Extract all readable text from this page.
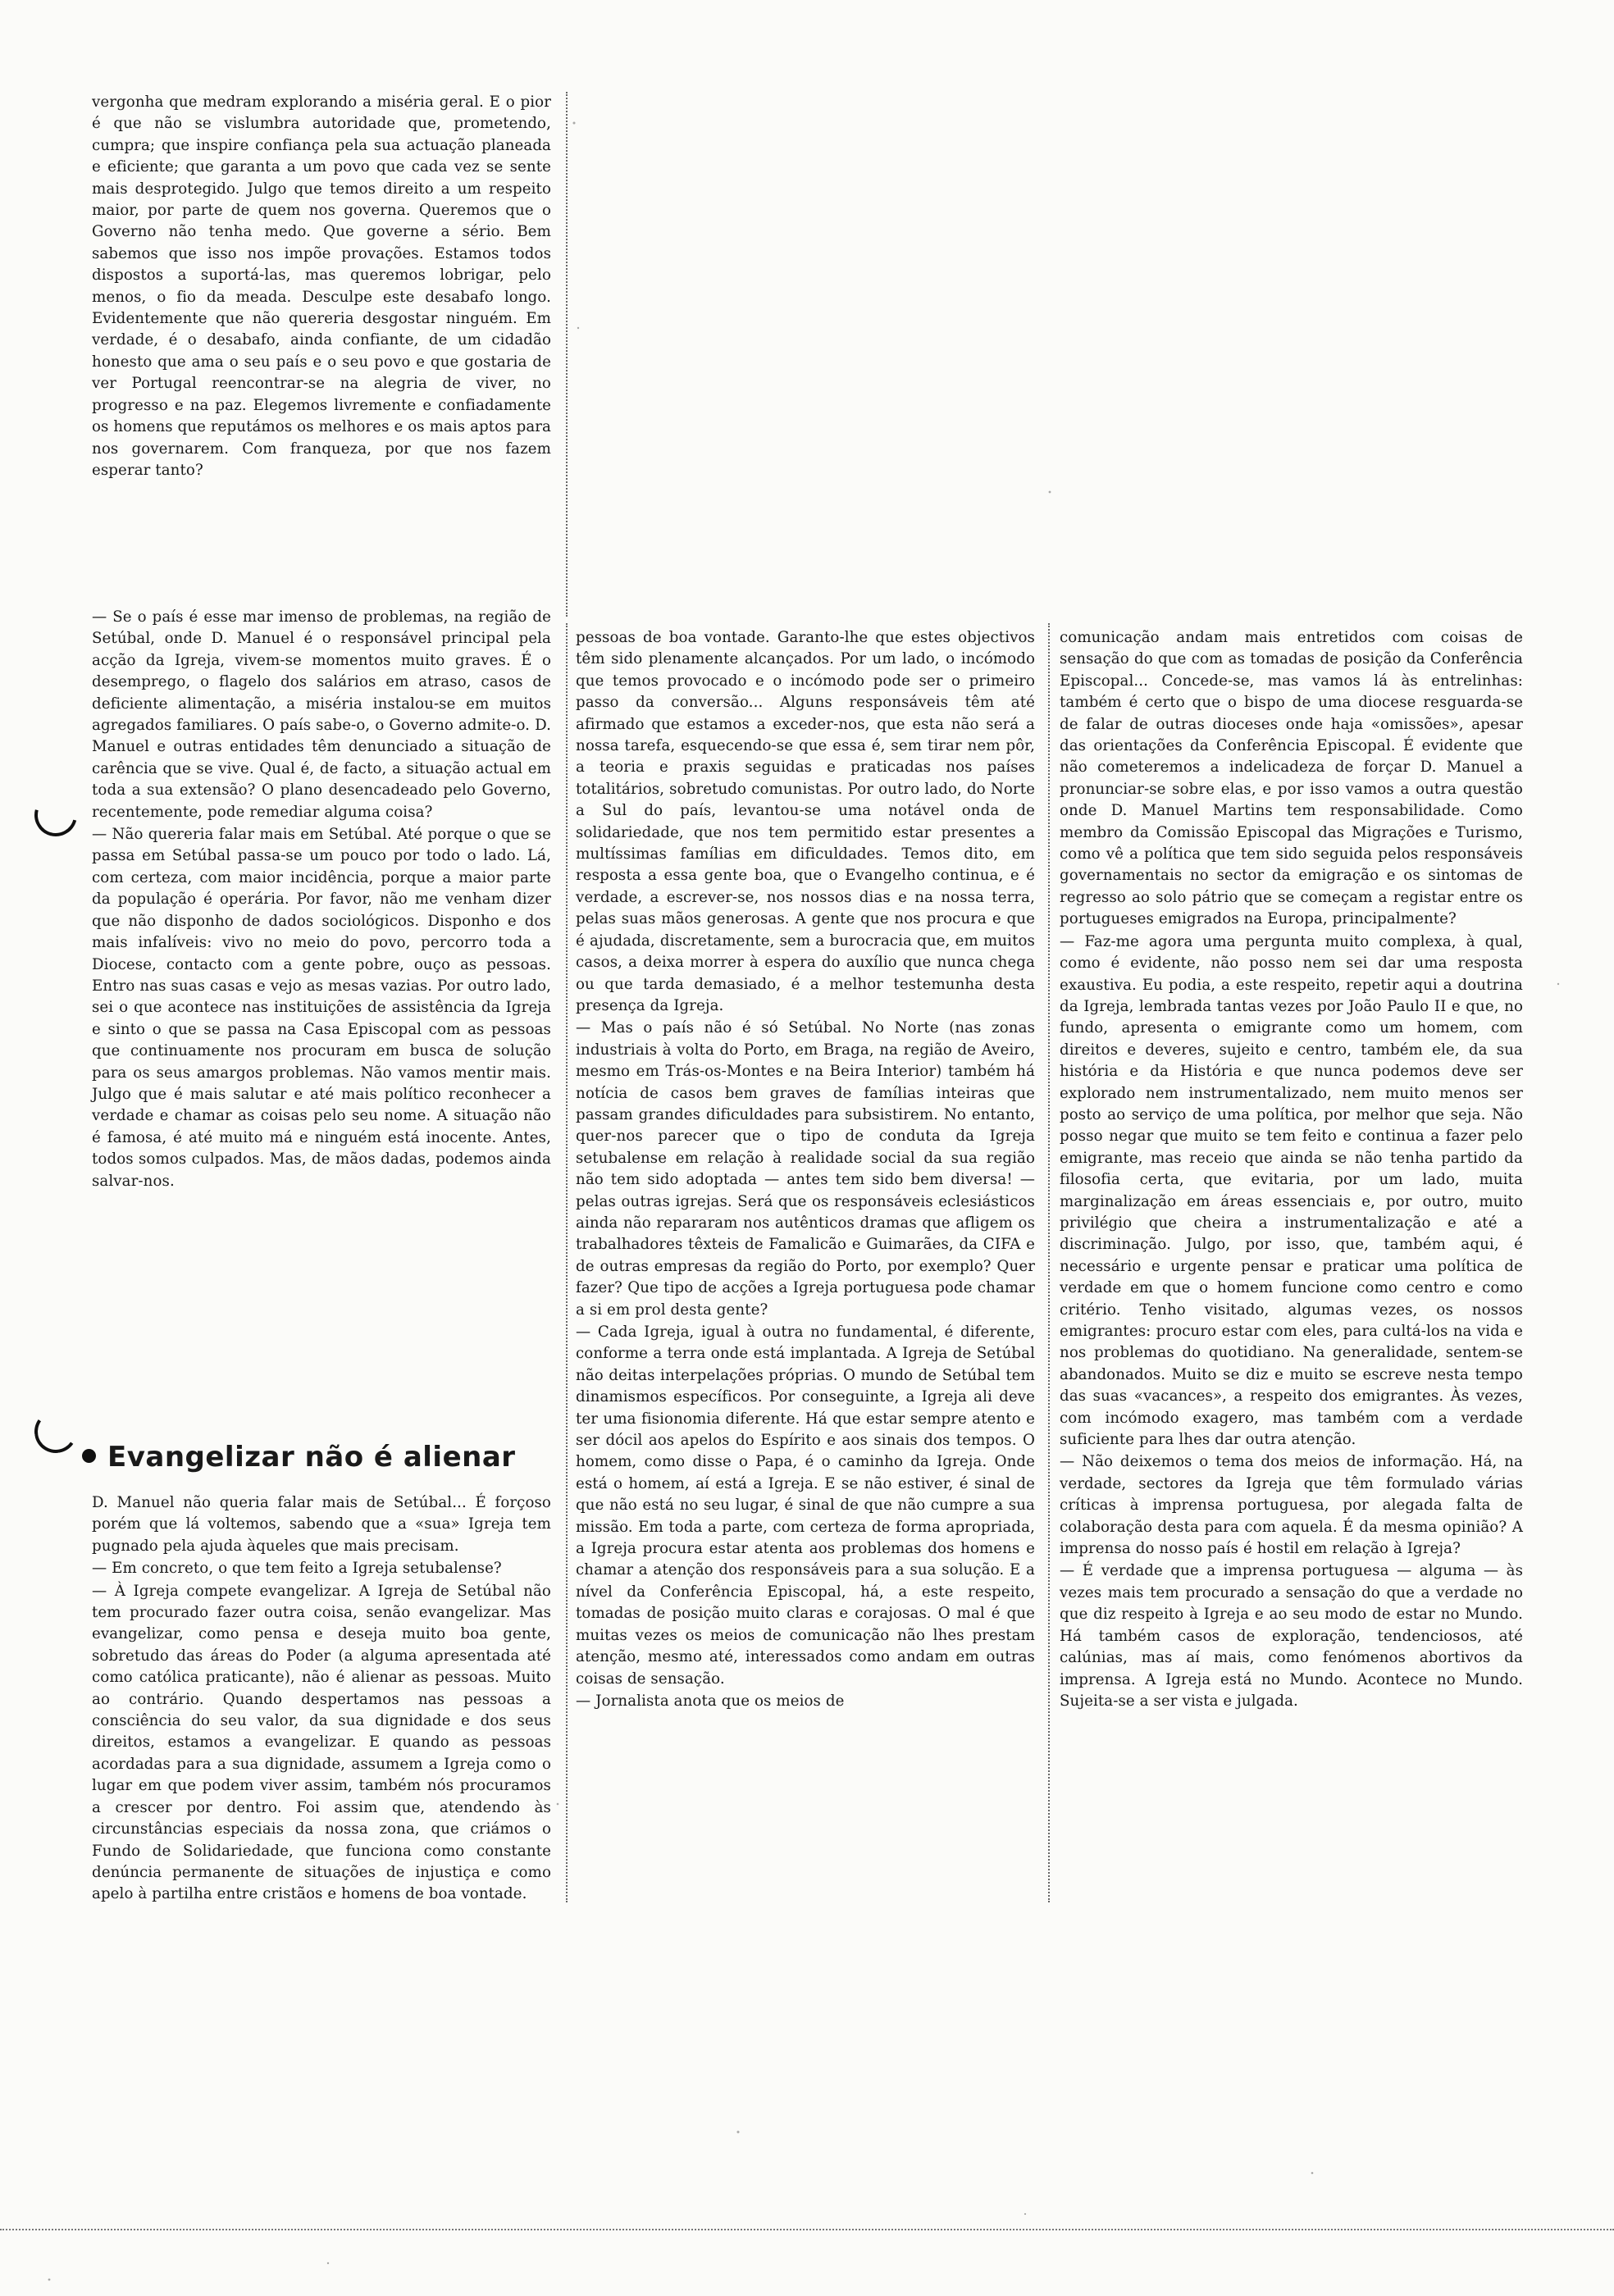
vergonha que medram explorando a miséria geral. E o pior é que não se vislumbra autoridade que, prometendo, cumpra; que inspire confiança pela sua actuação planeada e eficiente; que garanta a um povo que cada vez se sente mais desprotegido. Julgo que temos direito a um respeito maior, por parte de quem nos governa. Queremos que o Governo não tenha medo. Que governe a sério. Bem sabemos que isso nos impõe provações. Estamos todos dispostos a suportá-las, mas queremos lobrigar, pelo menos, o fio da meada. Desculpe este desabafo longo. Evidentemente que não quereria desgostar ninguém. Em verdade, é o desabafo, ainda confiante, de um cidadão honesto que ama o seu país e o seu povo e que gostaria de ver Portugal reencontrar-se na alegria de viver, no progresso e na paz. Elegemos livremente e confiadamente os homens que reputámos os melhores e os mais aptos para nos governarem. Com franqueza, por que nos fazem esperar tanto?

— Se o país é esse mar imenso de problemas, na região de Setúbal, onde D. Manuel é o responsável principal pela acção da Igreja, vivem-se momentos muito graves. É o desemprego, o flagelo dos salários em atraso, casos de deficiente alimentação, a miséria instalou-se em muitos agregados familiares. O país sabe-o, o Governo admite-o. D. Manuel e outras entidades têm denunciado a situação de carência que se vive. Qual é, de facto, a situação actual em toda a sua extensão? O plano desencadeado pelo Governo, recentemente, pode remediar alguma coisa?

— Não quereria falar mais em Setúbal. Até porque o que se passa em Setúbal passa-se um pouco por todo o lado. Lá, com certeza, com maior incidência, porque a maior parte da população é operária. Por favor, não me venham dizer que não disponho de dados sociológicos. Disponho e dos mais infalíveis: vivo no meio do povo, percorro toda a Diocese, contacto com a gente pobre, ouço as pessoas. Entro nas suas casas e vejo as mesas vazias. Por outro lado, sei o que acontece nas instituições de assistência da Igreja e sinto o que se passa na Casa Episcopal com as pessoas que continuamente nos procuram em busca de solução para os seus amargos problemas. Não vamos mentir mais. Julgo que é mais salutar e até mais político reconhecer a verdade e chamar as coisas pelo seu nome. A situação não é famosa, é até muito má e ninguém está inocente. Antes, todos somos culpados. Mas, de mãos dadas, podemos ainda salvar-nos.

Evangelizar não é alienar

D. Manuel não queria falar mais de Setúbal... É forçoso porém que lá voltemos, sabendo que a «sua» Igreja tem pugnado pela ajuda àqueles que mais precisam.

— Em concreto, o que tem feito a Igreja setubalense?

— À Igreja compete evangelizar. A Igreja de Setúbal não tem procurado fazer outra coisa, senão evangelizar. Mas evangelizar, como pensa e deseja muito boa gente, sobretudo das áreas do Poder (a alguma apresentada até como católica praticante), não é alienar as pessoas. Muito ao contrário. Quando despertamos nas pessoas a consciência do seu valor, da sua dignidade e dos seus direitos, estamos a evangelizar. E quando as pessoas acordadas para a sua dignidade, assumem a Igreja como o lugar em que podem viver assim, também nós procuramos a crescer por dentro. Foi assim que, atendendo às circunstâncias especiais da nossa zona, que criámos o Fundo de Solidariedade, que funciona como constante denúncia permanente de situações de injustiça e como apelo à partilha entre cristãos e homens de boa vontade.

pessoas de boa vontade. Garanto-lhe que estes objectivos têm sido plenamente alcançados. Por um lado, o incómodo que temos provocado e o incómodo pode ser o primeiro passo da conversão... Alguns responsáveis têm até afirmado que estamos a exceder-nos, que esta não será a nossa tarefa, esquecendo-se que essa é, sem tirar nem pôr, a teoria e praxis seguidas e praticadas nos países totalitários, sobretudo comunistas. Por outro lado, do Norte a Sul do país, levantou-se uma notável onda de solidariedade, que nos tem permitido estar presentes a multíssimas famílias em dificuldades. Temos dito, em resposta a essa gente boa, que o Evangelho continua, e é verdade, a escrever-se, nos nossos dias e na nossa terra, pelas suas mãos generosas. A gente que nos procura e que é ajudada, discretamente, sem a burocracia que, em muitos casos, a deixa morrer à espera do auxílio que nunca chega ou que tarda demasiado, é a melhor testemunha desta presença da Igreja.

— Mas o país não é só Setúbal. No Norte (nas zonas industriais à volta do Porto, em Braga, na região de Aveiro, mesmo em Trás-os-Montes e na Beira Interior) também há notícia de casos bem graves de famílias inteiras que passam grandes dificuldades para subsistirem. No entanto, quer-nos parecer que o tipo de conduta da Igreja setubalense em relação à realidade social da sua região não tem sido adoptada — antes tem sido bem diversa! — pelas outras igrejas. Será que os responsáveis eclesiásticos ainda não repararam nos autênticos dramas que afligem os trabalhadores têxteis de Famalicão e Guimarães, da CIFA e de outras empresas da região do Porto, por exemplo? Quer fazer? Que tipo de acções a Igreja portuguesa pode chamar a si em prol desta gente?

— Cada Igreja, igual à outra no fundamental, é diferente, conforme a terra onde está implantada. A Igreja de Setúbal não deitas interpelações próprias. O mundo de Setúbal tem dinamismos específicos. Por conseguinte, a Igreja ali deve ter uma fisionomia diferente. Há que estar sempre atento e ser dócil aos apelos do Espírito e aos sinais dos tempos. O homem, como disse o Papa, é o caminho da Igreja. Onde está o homem, aí está a Igreja. E se não estiver, é sinal de que não está no seu lugar, é sinal de que não cumpre a sua missão. Em toda a parte, com certeza de forma apropriada, a Igreja procura estar atenta aos problemas dos homens e chamar a atenção dos responsáveis para a sua solução. E a nível da Conferência Episcopal, há, a este respeito, tomadas de posição muito claras e corajosas. O mal é que muitas vezes os meios de comunicação não lhes prestam atenção, mesmo até, interessados como andam em outras coisas de sensação.

— Jornalista anota que os meios de

comunicação andam mais entretidos com coisas de sensação do que com as tomadas de posição da Conferência Episcopal... Concede-se, mas vamos lá às entrelinhas: também é certo que o bispo de uma diocese resguarda-se de falar de outras dioceses onde haja «omissões», apesar das orientações da Conferência Episcopal. É evidente que não cometeremos a indelicadeza de forçar D. Manuel a pronunciar-se sobre elas, e por isso vamos a outra questão onde D. Manuel Martins tem responsabilidade. Como membro da Comissão Episcopal das Migrações e Turismo, como vê a política que tem sido seguida pelos responsáveis governamentais no sector da emigração e os sintomas de regresso ao solo pátrio que se começam a registar entre os portugueses emigrados na Europa, principalmente?

— Faz-me agora uma pergunta muito complexa, à qual, como é evidente, não posso nem sei dar uma resposta exaustiva. Eu podia, a este respeito, repetir aqui a doutrina da Igreja, lembrada tantas vezes por João Paulo II e que, no fundo, apresenta o emigrante como um homem, com direitos e deveres, sujeito e centro, também ele, da sua história e da História e que nunca podemos deve ser explorado nem instrumentalizado, nem muito menos ser posto ao serviço de uma política, por melhor que seja. Não posso negar que muito se tem feito e continua a fazer pelo emigrante, mas receio que ainda se não tenha partido da filosofia certa, que evitaria, por um lado, muita marginalização em áreas essenciais e, por outro, muito privilégio que cheira a instrumentalização e até a discriminação. Julgo, por isso, que, também aqui, é necessário e urgente pensar e praticar uma política de verdade em que o homem funcione como centro e como critério. Tenho visitado, algumas vezes, os nossos emigrantes: procuro estar com eles, para cultá-los na vida e nos problemas do quotidiano. Na generalidade, sentem-se abandonados. Muito se diz e muito se escreve nesta tempo das suas «vacances», a respeito dos emigrantes. Às vezes, com incómodo exagero, mas também com a verdade suficiente para lhes dar outra atenção.

— Não deixemos o tema dos meios de informação. Há, na verdade, sectores da Igreja que têm formulado várias críticas à imprensa portuguesa, por alegada falta de colaboração desta para com aquela. É da mesma opinião? A imprensa do nosso país é hostil em relação à Igreja?

— É verdade que a imprensa portuguesa — alguma — às vezes mais tem procurado a sensação do que a verdade no que diz respeito à Igreja e ao seu modo de estar no Mundo. Há também casos de exploração, tendenciosos, até calúnias, mas aí mais, como fenómenos abortivos da imprensa. A Igreja está no Mundo. Acontece no Mundo. Sujeita-se a ser vista e julgada.
